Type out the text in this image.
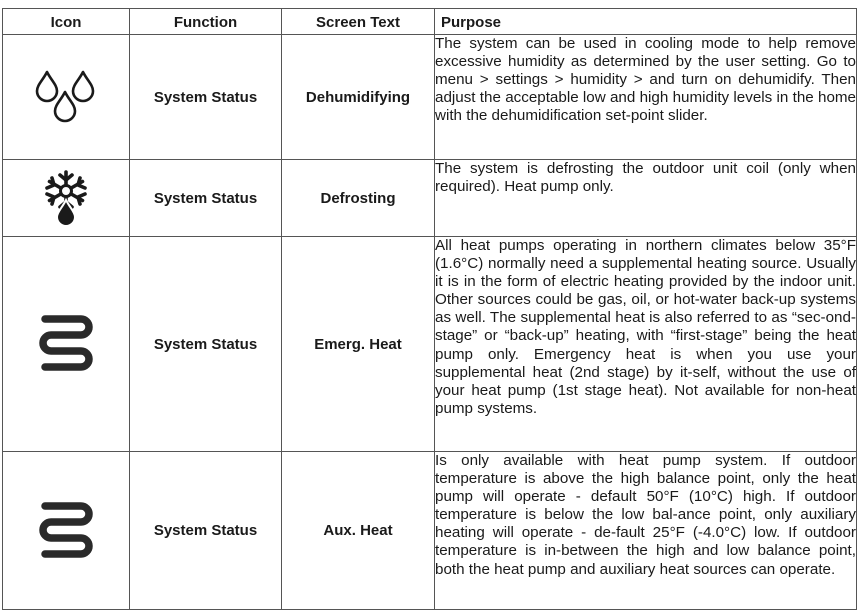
Icon	Function	Screen Text	Purpose

	System Status	Dehumidifying	The system can be used in cooling mode to help remove excessive humidity as determined by the user setting. Go to menu > settings > humidity > and turn on dehumidify. Then adjust the acceptable low and high humidity levels in the home with the dehumidification set-point slider.

	System Status	Defrosting	The system is defrosting the outdoor unit coil (only when required). Heat pump only.

	System Status	Emerg. Heat	All heat pumps operating in northern climates below 35°F (1.6°C) normally need a supplemental heating source. Usually it is in the form of electric heating provided by the indoor unit. Other sources could be gas, oil, or hot-water back-up systems as well. The supplemental heat is also referred to as “sec-ond-stage” or “back-up” heating, with “first-stage” being the heat pump only. Emergency heat is when you use your supplemental heat (2nd stage) by it-self, without the use of your heat pump (1st stage heat). Not available for non-heat pump systems.

	System Status	Aux. Heat	Is only available with heat pump system. If outdoor temperature is above the high balance point, only the heat pump will operate - default 50°F (10°C) high. If outdoor temperature is below the low bal-ance point, only auxiliary heating will operate - de-fault 25°F (-4.0°C) low. If outdoor temperature is in-between the high and low balance point, both the heat pump and auxiliary heat sources can operate.
